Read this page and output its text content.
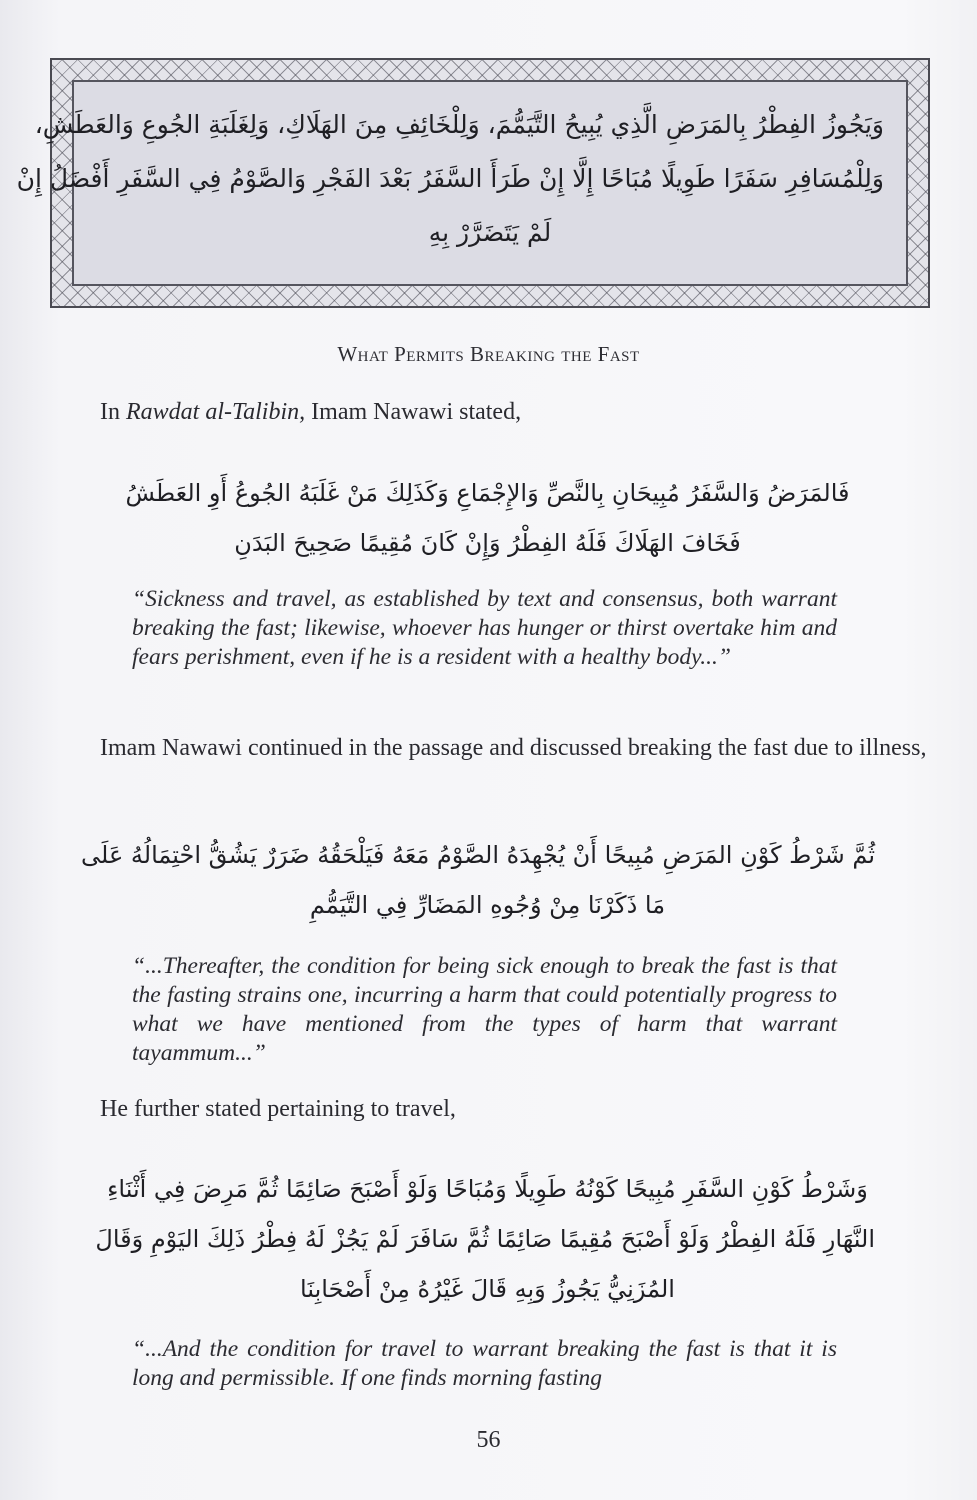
وَيَجُوزُ الفِطْرُ بِالمَرَضِ الَّذِي يُبِيحُ التَّيَمُّمَ، وَلِلْخَائِفِ مِنَ الهَلَاكِ، وَلِغَلَبَةِ الجُوعِ وَالعَطَشِ،
وَلِلْمُسَافِرِ سَفَرًا طَوِيلًا مُبَاحًا إِلَّا إِنْ طَرَأَ السَّفَرُ بَعْدَ الفَجْرِ وَالصَّوْمُ فِي السَّفَرِ أَفْضَلُ إِنْ
لَمْ يَتَضَرَّرْ بِهِ
What Permits Breaking the Fast
In Rawdat al-Talibin, Imam Nawawi stated,
فَالمَرَضُ وَالسَّفَرُ مُبِيحَانِ بِالنَّصِّ وَالإِجْمَاعِ وَكَذَلِكَ مَنْ غَلَبَهُ الجُوعُ أَوِ العَطَشُ
فَخَافَ الهَلَاكَ فَلَهُ الفِطْرُ وَإِنْ كَانَ مُقِيمًا صَحِيحَ البَدَنِ
“Sickness and travel, as established by text and consensus, both warrant breaking the fast; likewise, whoever has hunger or thirst overtake him and fears perishment, even if he is a resident with a healthy body...”
Imam Nawawi continued in the passage and discussed breaking the fast due to illness,
ثُمَّ شَرْطُ كَوْنِ المَرَضِ مُبِيحًا أَنْ يُجْهِدَهُ الصَّوْمُ مَعَهُ فَيَلْحَقُهُ ضَرَرٌ يَشُقُّ احْتِمَالُهُ عَلَى
مَا ذَكَرْنَا مِنْ وُجُوهِ المَضَارِّ فِي التَّيَمُّمِ
“...Thereafter, the condition for being sick enough to break the fast is that the fasting strains one, incurring a harm that could potentially progress to what we have mentioned from the types of harm that warrant tayammum...”
He further stated pertaining to travel,
وَشَرْطُ كَوْنِ السَّفَرِ مُبِيحًا كَوْنُهُ طَوِيلًا وَمُبَاحًا وَلَوْ أَصْبَحَ صَائِمًا ثُمَّ مَرِضَ فِي أَثْنَاءِ
النَّهَارِ فَلَهُ الفِطْرُ وَلَوْ أَصْبَحَ مُقِيمًا صَائِمًا ثُمَّ سَافَرَ لَمْ يَجُزْ لَهُ فِطْرُ ذَلِكَ اليَوْمِ وَقَالَ
المُزَنِيُّ يَجُوزُ وَبِهِ قَالَ غَيْرُهُ مِنْ أَصْحَابِنَا
“...And the condition for travel to warrant breaking the fast is that it is long and permissible. If one finds morning fasting
56
